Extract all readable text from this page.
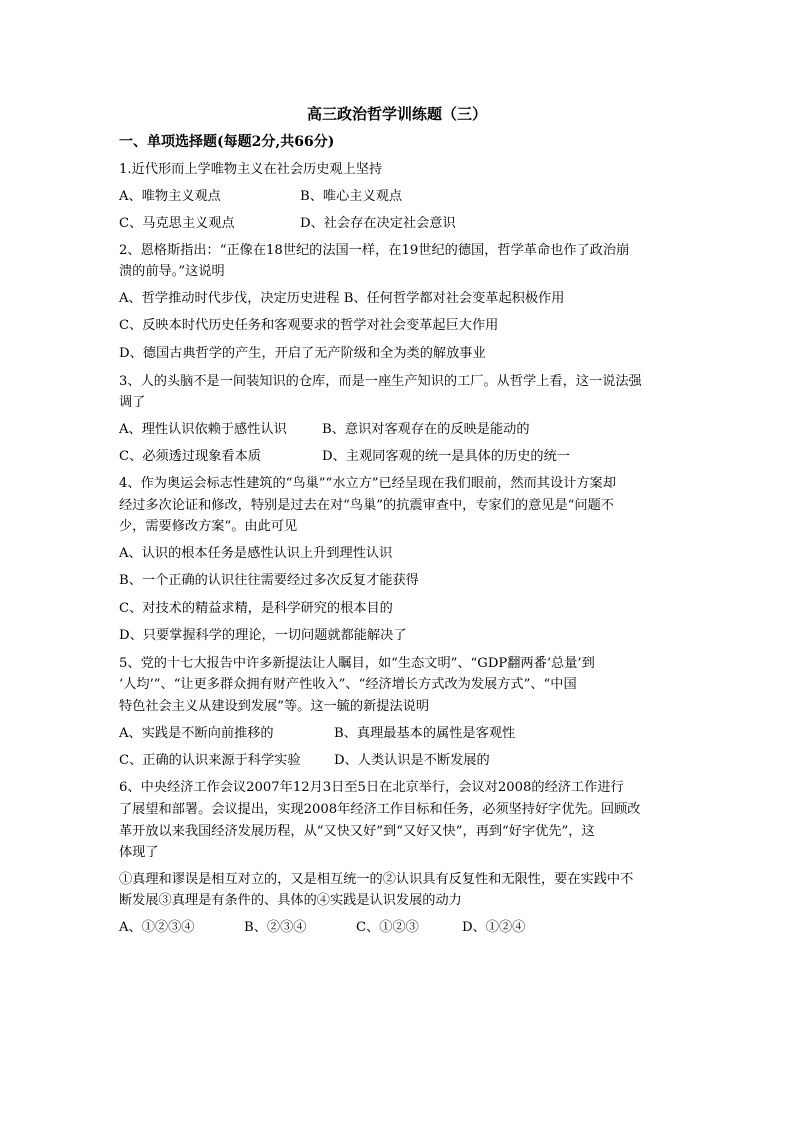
高三政治哲学训练题（三）
一、单项选择题(每题2分,共66分)
1.近代形而上学唯物主义在社会历史观上坚持
A、唯物主义观点	B、唯心主义观点
C、马克思主义观点	D、社会存在决定社会意识
2、恩格斯指出：“正像在18世纪的法国一样，在19世纪的德国，哲学革命也作了政治崩
溃的前导。”这说明
A、哲学推动时代步伐，决定历史进程 B、任何哲学都对社会变革起积极作用
C、反映本时代历史任务和客观要求的哲学对社会变革起巨大作用
D、德国古典哲学的产生，开启了无产阶级和全为类的解放事业
3、人的头脑不是一间装知识的仓库，而是一座生产知识的工厂。从哲学上看，这一说法强
调了
A、理性认识依赖于感性认识	B、意识对客观存在的反映是能动的
C、必须透过现象看本质	D、主观同客观的统一是具体的历史的统一
4、作为奥运会标志性建筑的“鸟巢”“水立方”已经呈现在我们眼前，然而其设计方案却
经过多次论证和修改，特别是过去在对“鸟巢”的抗震审查中，专家们的意见是“问题不
少，需要修改方案”。由此可见
A、认识的根本任务是感性认识上升到理性认识
B、一个正确的认识往往需要经过多次反复才能获得
C、对技术的精益求精，是科学研究的根本目的
D、只要掌握科学的理论，一切问题就都能解决了
5、党的十七大报告中许多新提法让人瞩目，如“生态文明”、“GDP翻两番‘总量’到
‘人均’”、“让更多群众拥有财产性收入”、“经济增长方式改为发展方式”、“中国
特色社会主义从建设到发展”等。这一毓的新提法说明
A、实践是不断向前推移的	B、真理最基本的属性是客观性
C、正确的认识来源于科学实验	D、人类认识是不断发展的
6、中央经济工作会议2007年12月3日至5日在北京举行，会议对2008的经济工作进行
了展望和部署。会议提出，实现2008年经济工作目标和任务，必须坚持好字优先。回顾改
革开放以来我国经济发展历程，从“又快又好”到“又好又快”，再到“好字优先”，这
体现了
①真理和谬误是相互对立的，又是相互统一的②认识具有反复性和无限性，要在实践中不
断发展③真理是有条件的、具体的④实践是认识发展的动力
A、①②③④	B、②③④	C、①②③	D、①②④
